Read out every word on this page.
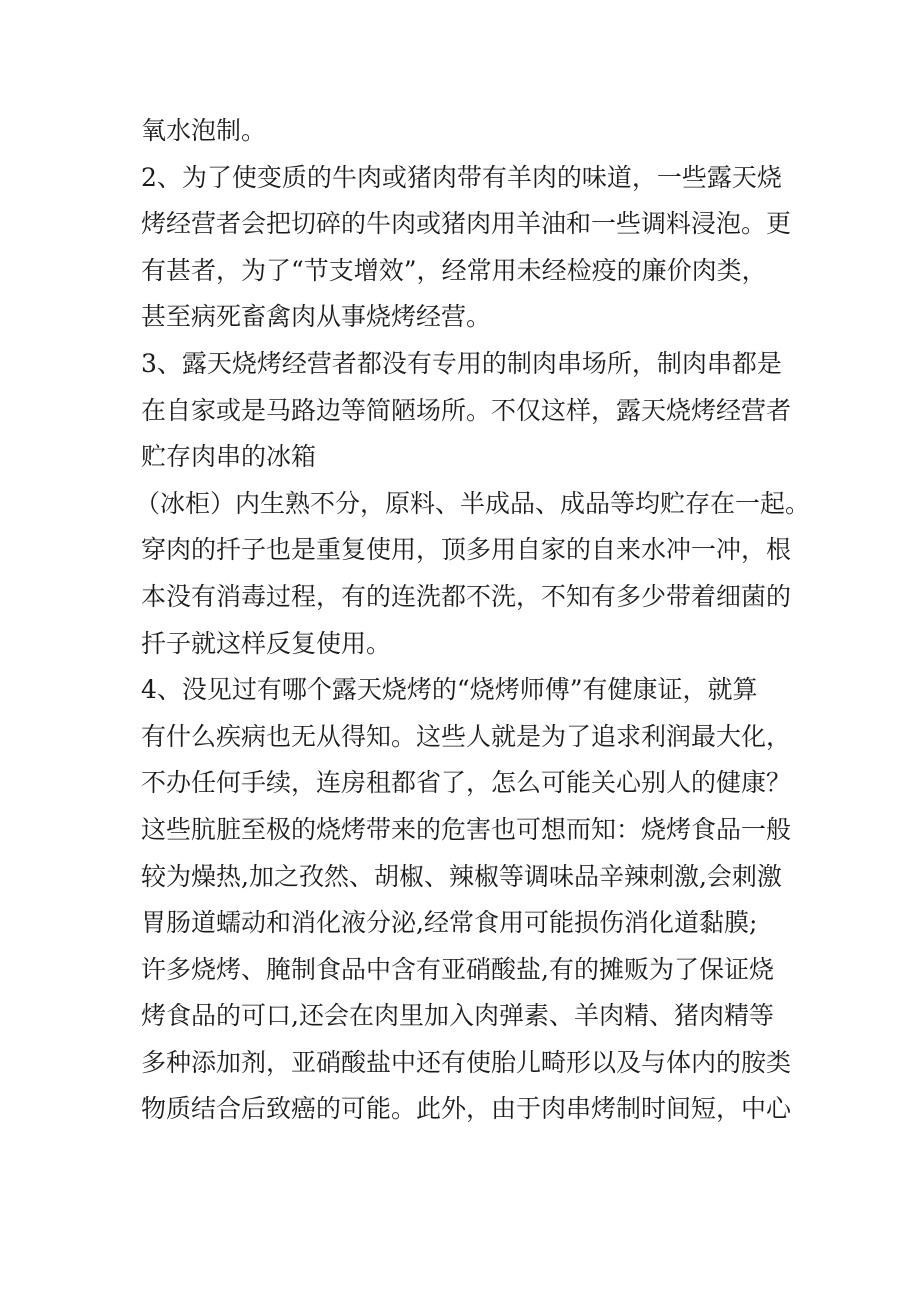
氧水泡制。
2、为了使变质的牛肉或猪肉带有羊肉的味道，一些露天烧
烤经营者会把切碎的牛肉或猪肉用羊油和一些调料浸泡。更
有甚者，为了“节支增效”，经常用未经检疫的廉价肉类，
甚至病死畜禽肉从事烧烤经营。
3、露天烧烤经营者都没有专用的制肉串场所，制肉串都是
在自家或是马路边等简陋场所。不仅这样，露天烧烤经营者
贮存肉串的冰箱
（冰柜）内生熟不分，原料、半成品、成品等均贮存在一起。
穿肉的扦子也是重复使用，顶多用自家的自来水冲一冲，根
本没有消毒过程，有的连洗都不洗，不知有多少带着细菌的
扦子就这样反复使用。
4、没见过有哪个露天烧烤的“烧烤师傅”有健康证，就算
有什么疾病也无从得知。这些人就是为了追求利润最大化，
不办任何手续，连房租都省了，怎么可能关心别人的健康？
这些肮脏至极的烧烤带来的危害也可想而知：烧烤食品一般
较为燥热,加之孜然、胡椒、辣椒等调味品辛辣刺激,会刺激
胃肠道蠕动和消化液分泌,经常食用可能损伤消化道黏膜;
许多烧烤、腌制食品中含有亚硝酸盐,有的摊贩为了保证烧
烤食品的可口,还会在肉里加入肉弹素、羊肉精、猪肉精等
多种添加剂，亚硝酸盐中还有使胎儿畸形以及与体内的胺类
物质结合后致癌的可能。此外，由于肉串烤制时间短，中心
